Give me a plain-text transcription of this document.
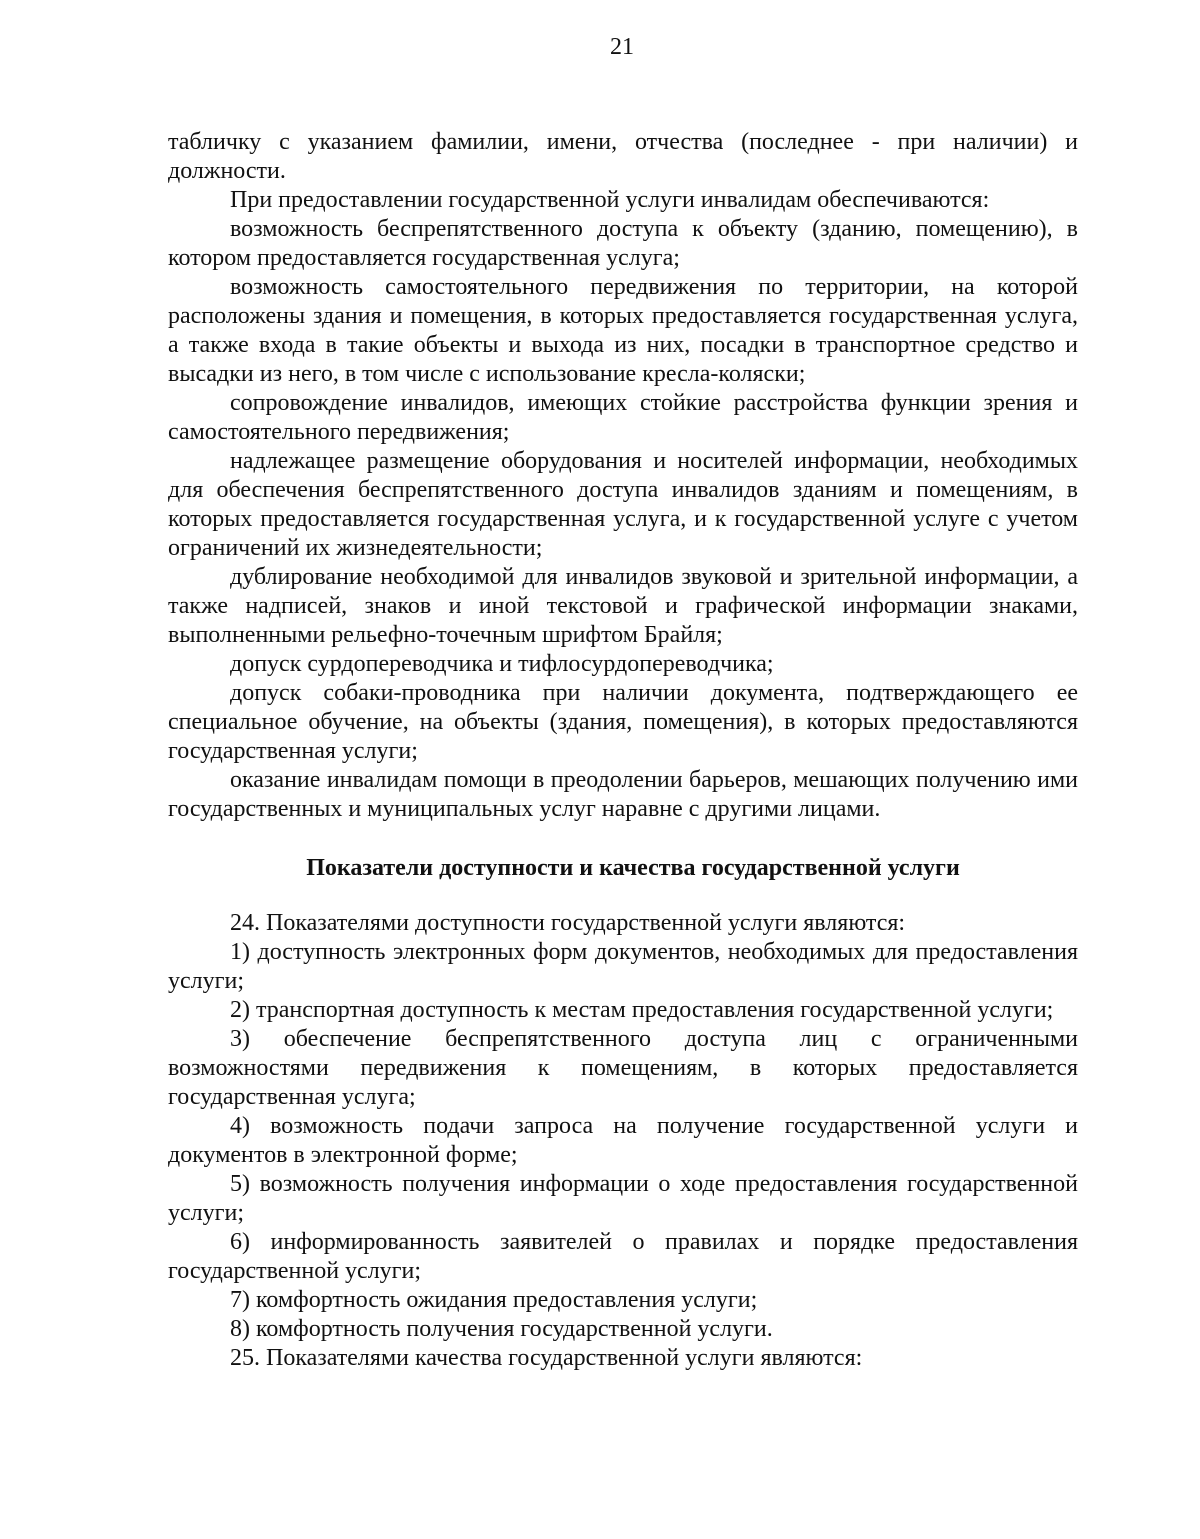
21

табличку с указанием фамилии, имени, отчества (последнее - при наличии) и должности.

При предоставлении государственной услуги инвалидам обеспечиваются:

возможность беспрепятственного доступа к объекту (зданию, помещению), в котором предоставляется государственная услуга;

возможность самостоятельного передвижения по территории, на которой расположены здания и помещения, в которых предоставляется государственная услуга, а также входа в такие объекты и выхода из них, посадки в транспортное средство и высадки из него, в том числе с использование кресла-коляски;

сопровождение инвалидов, имеющих стойкие расстройства функции зрения и самостоятельного передвижения;

надлежащее размещение оборудования и носителей информации, необходимых для обеспечения беспрепятственного доступа инвалидов зданиям и помещениям, в которых предоставляется государственная услуга, и к государственной услуге с учетом ограничений их жизнедеятельности;

дублирование необходимой для инвалидов звуковой и зрительной информации, а также надписей, знаков и иной текстовой и графической информации знаками, выполненными рельефно-точечным шрифтом Брайля;

допуск сурдопереводчика и тифлосурдопереводчика;

допуск собаки-проводника при наличии документа, подтверждающего ее специальное обучение, на объекты (здания, помещения), в которых предоставляются государственная услуги;

оказание инвалидам помощи в преодолении барьеров, мешающих получению ими государственных и муниципальных услуг наравне с другими лицами.

Показатели доступности и качества государственной услуги

24. Показателями доступности государственной услуги являются:

1) доступность электронных форм документов, необходимых для предоставления услуги;

2) транспортная доступность к местам предоставления государственной услуги;

3) обеспечение беспрепятственного доступа лиц с ограниченными возможностями передвижения к помещениям, в которых предоставляется государственная услуга;

4) возможность подачи запроса на получение государственной услуги и документов в электронной форме;

5) возможность получения информации о ходе предоставления государственной услуги;

6) информированность заявителей о правилах и порядке предоставления государственной услуги;

7) комфортность ожидания предоставления услуги;

8) комфортность получения государственной услуги.

25. Показателями качества государственной услуги являются:
